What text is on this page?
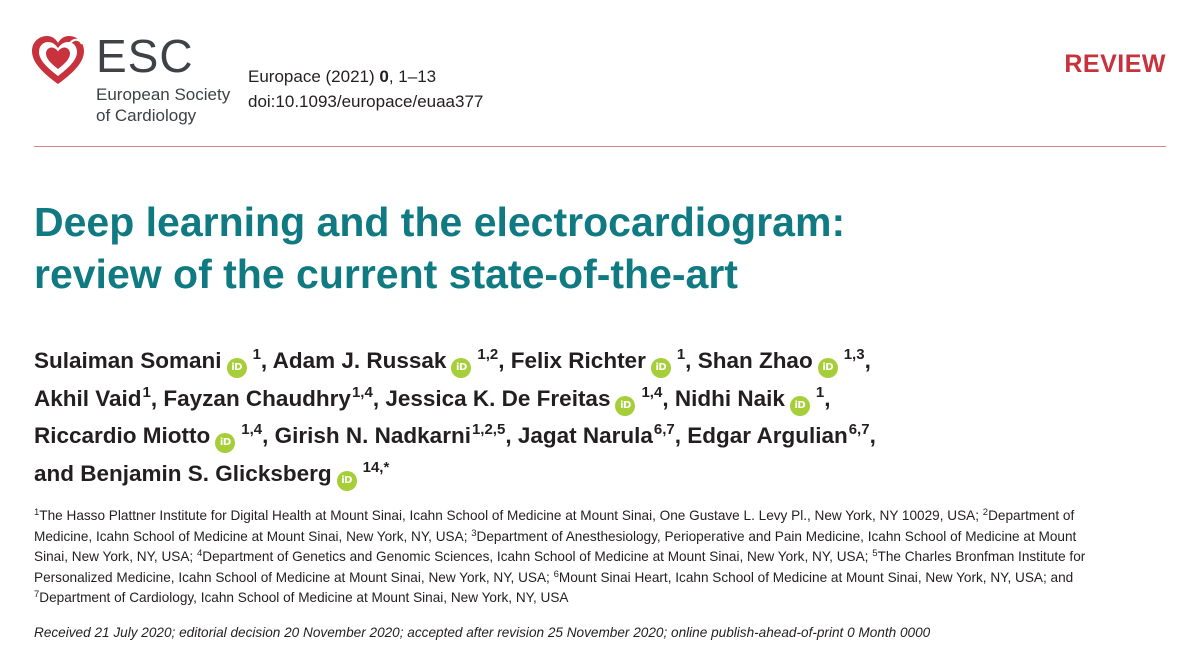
ESC
European Society
of Cardiology
Europace (2021) 0, 1–13
doi:10.1093/europace/euaa377
REVIEW
Deep learning and the electrocardiogram:
review of the current state-of-the-art
Sulaiman Somani $iD^1$, Adam J. Russak iD$^{1,2}$, Felix Richter $iD^1$, Shan Zhao iD$^{1,3}$,
Akhil Vaid$^1$, Fayzan Chaudhry$^{1,4}$, Jessica K. De Freitas iD$^{1,4}$, Nidhi Naik $iD^1$,
Riccardio Miotto iD$^{1,4}$, Girish N. Nadkarni$^{1,2,5}$, Jagat Narula$^{6,7}$, Edgar Argulian$^{6,7}$,
and Benjamin S. Glicksberg $iD^{14,*}$
$^1$The Hasso Plattner Institute for Digital Health at Mount Sinai, Icahn School of Medicine at Mount Sinai, One Gustave L. Levy Pl., New York, NY 10029, USA; $^2$Department of
Medicine, Icahn School of Medicine at Mount Sinai, New York, NY, USA; $^3$Department of Anesthesiology, Perioperative and Pain Medicine, Icahn School of Medicine at Mount
Sinai, New York, NY, USA; $^4$Department of Genetics and Genomic Sciences, Icahn School of Medicine at Mount Sinai, New York, NY, USA; $^5$The Charles Bronfman Institute for
Personalized Medicine, Icahn School of Medicine at Mount Sinai, New York, NY, USA; $^6$Mount Sinai Heart, Icahn School of Medicine at Mount Sinai, New York, NY, USA; and
$^7$Department of Cardiology, Icahn School of Medicine at Mount Sinai, New York, NY, USA
Received 21 July 2020; editorial decision 20 November 2020; accepted after revision 25 November 2020; online publish-ahead-of-print 0 Month 0000
